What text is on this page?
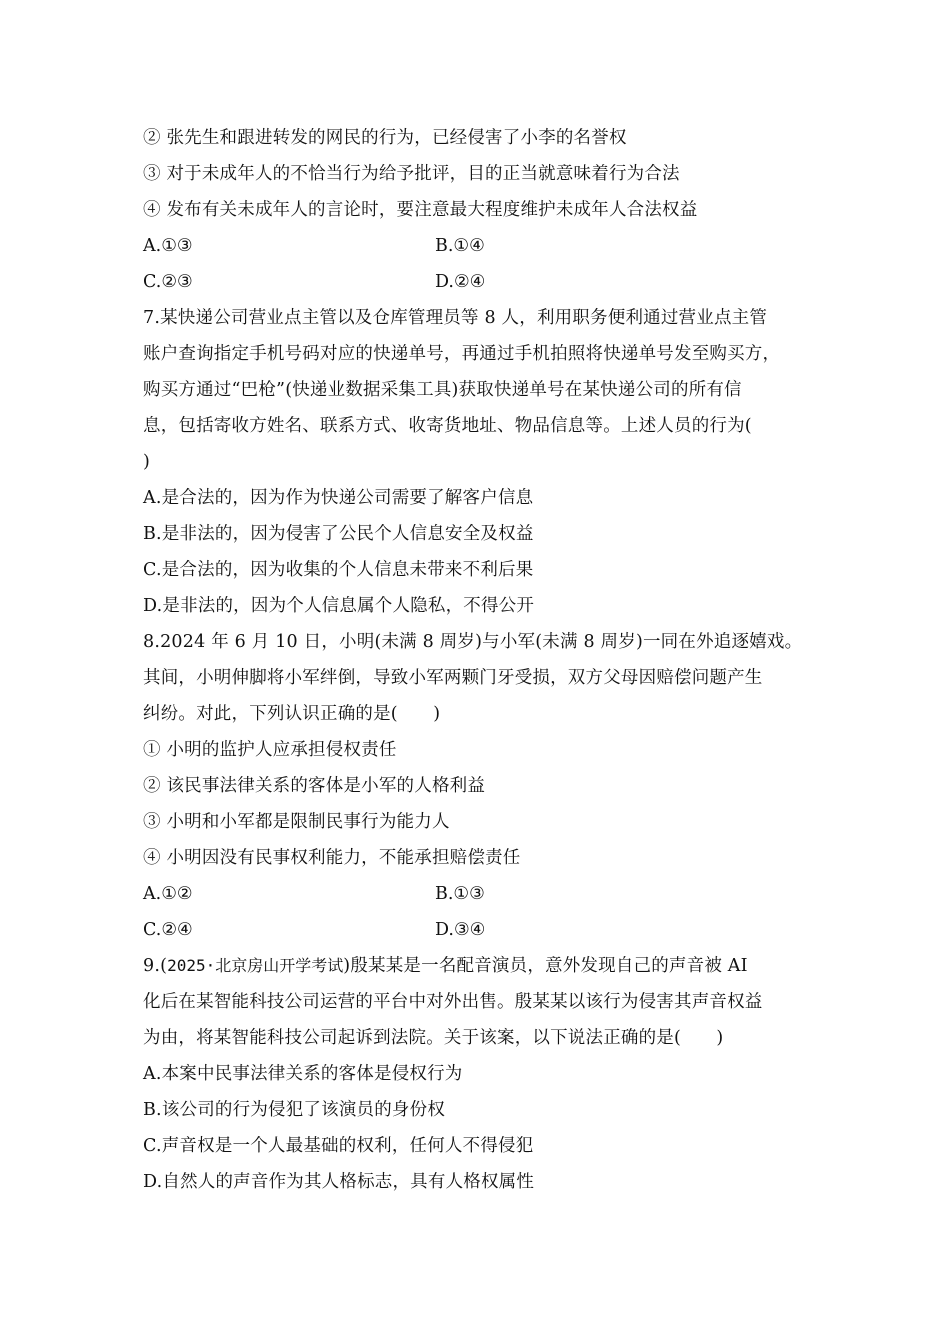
② 张先生和跟进转发的网民的行为，已经侵害了小李的名誉权
③ 对于未成年人的不恰当行为给予批评，目的正当就意味着行为合法
④ 发布有关未成年人的言论时，要注意最大程度维护未成年人合法权益
A.①③	B.①④
C.②③	D.②④
7.某快递公司营业点主管以及仓库管理员等 8 人，利用职务便利通过营业点主管
账户查询指定手机号码对应的快递单号，再通过手机拍照将快递单号发至购买方，
购买方通过“巴枪”(快递业数据采集工具)获取快递单号在某快递公司的所有信
息，包括寄收方姓名、联系方式、收寄货地址、物品信息等。上述人员的行为(
)
A.是合法的，因为作为快递公司需要了解客户信息
B.是非法的，因为侵害了公民个人信息安全及权益
C.是合法的，因为收集的个人信息未带来不利后果
D.是非法的，因为个人信息属个人隐私，不得公开
8.2024 年 6 月 10 日，小明(未满 8 周岁)与小军(未满 8 周岁)一同在外追逐嬉戏。
其间，小明伸脚将小军绊倒，导致小军两颗门牙受损，双方父母因赔偿问题产生
纠纷。对此，下列认识正确的是(　　)
① 小明的监护人应承担侵权责任
② 该民事法律关系的客体是小军的人格利益
③ 小明和小军都是限制民事行为能力人
④ 小明因没有民事权利能力，不能承担赔偿责任
A.①②	B.①③
C.②④	D.③④
9.(2025·北京房山开学考试)殷某某是一名配音演员，意外发现自己的声音被 AI
化后在某智能科技公司运营的平台中对外出售。殷某某以该行为侵害其声音权益
为由，将某智能科技公司起诉到法院。关于该案，以下说法正确的是(　　)
A.本案中民事法律关系的客体是侵权行为
B.该公司的行为侵犯了该演员的身份权
C.声音权是一个人最基础的权利，任何人不得侵犯
D.自然人的声音作为其人格标志，具有人格权属性
